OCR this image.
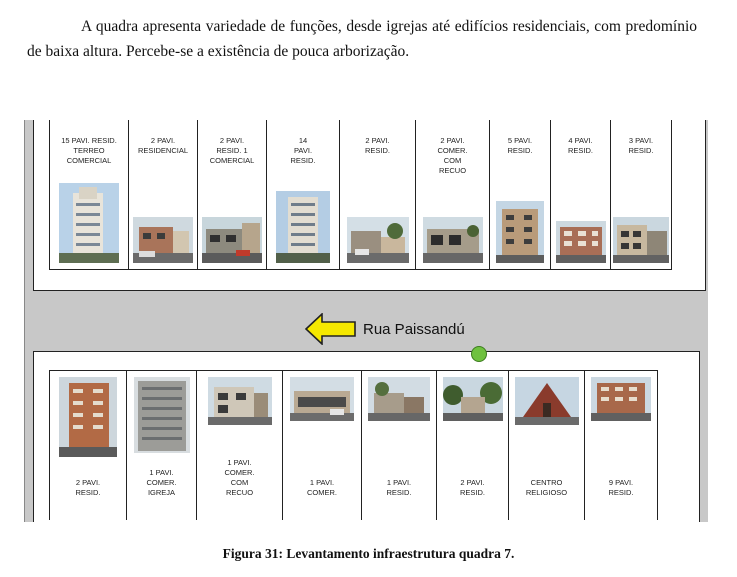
A quadra apresenta variedade de funções, desde igrejas até edifícios residenciais, com predomínio de baixa altura. Percebe-se a existência de pouca arborização.

15 PAVI. RESID.
TERREO
COMERCIAL
2 PAVI.
RESIDENCIAL
2 PAVI.
RESID. 1
COMERCIAL
14
PAVI.
RESID.
2 PAVI.
RESID.
2 PAVI.
COMER.
COM
RECUO
5 PAVI.
RESID.
4 PAVI.
RESID.
3 PAVI.
RESID.
Rua Paissandú
2 PAVI.
RESID.
1 PAVI.
COMER.
IGREJA
1 PAVI.
COMER.
COM
RECUO
1 PAVI.
COMER.
1 PAVI.
RESID.
2 PAVI.
RESID.
CENTRO
RELIGIOSO
9 PAVI.
RESID.
Figura 31: Levantamento infraestrutura quadra 7.
